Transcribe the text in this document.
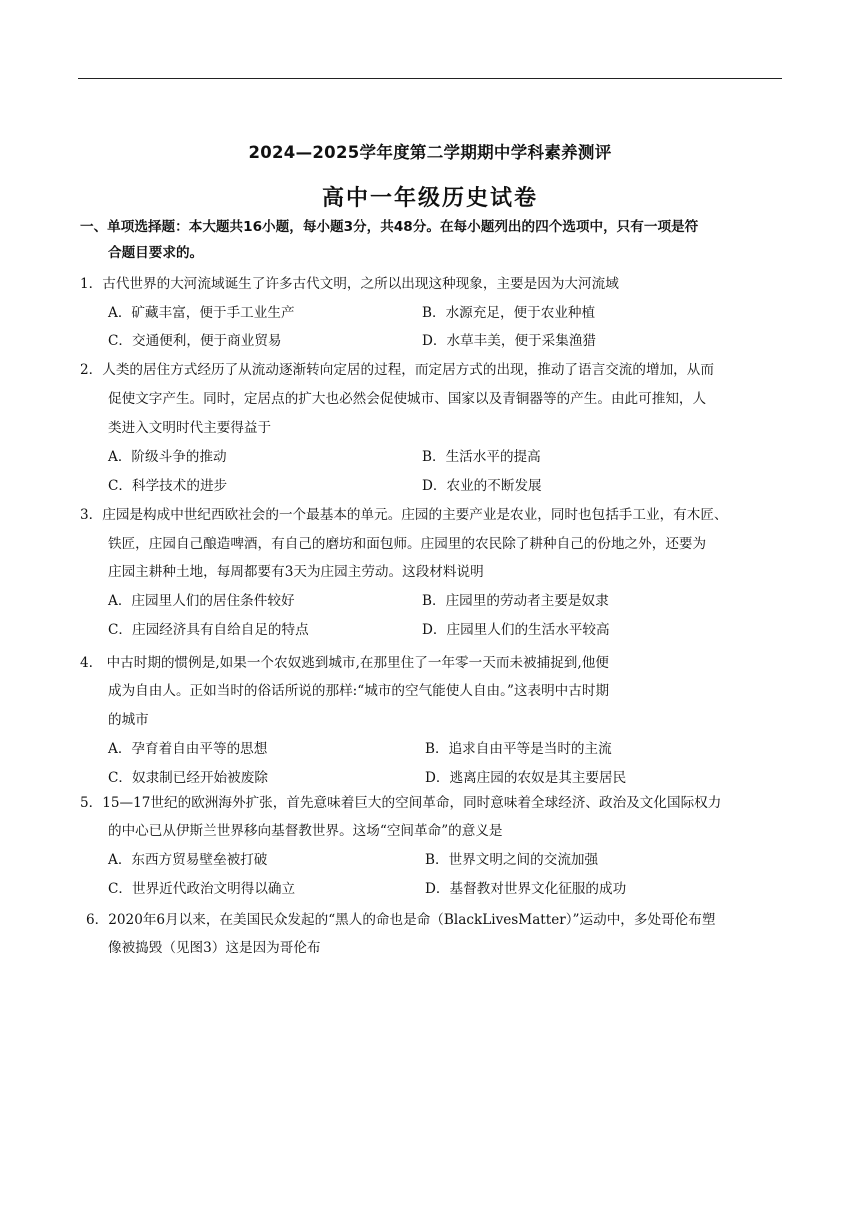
2024—2025学年度第二学期期中学科素养测评
高中一年级历史试卷
一、单项选择题：本大题共16小题，每小题3分，共48分。在每小题列出的四个选项中，只有一项是符
合题目要求的。
1．古代世界的大河流域诞生了许多古代文明，之所以出现这种现象，主要是因为大河流域
A．矿藏丰富，便于手工业生产	B．水源充足，便于农业种植
C．交通便利，便于商业贸易	D．水草丰美，便于采集渔猎
2．人类的居住方式经历了从流动逐渐转向定居的过程，而定居方式的出现，推动了语言交流的增加，从而
促使文字产生。同时，定居点的扩大也必然会促使城市、国家以及青铜器等的产生。由此可推知，人
类进入文明时代主要得益于
A．阶级斗争的推动	B．生活水平的提高
C．科学技术的进步	D．农业的不断发展
3．庄园是构成中世纪西欧社会的一个最基本的单元。庄园的主要产业是农业，同时也包括手工业，有木匠、
铁匠，庄园自己酿造啤酒，有自己的磨坊和面包师。庄园里的农民除了耕种自己的份地之外，还要为
庄园主耕种土地，每周都要有3天为庄园主劳动。这段材料说明
A．庄园里人们的居住条件较好	B．庄园里的劳动者主要是奴隶
C．庄园经济具有自给自足的特点	D．庄园里人们的生活水平较高
4.　中古时期的惯例是,如果一个农奴逃到城市,在那里住了一年零一天而未被捕捉到,他便
成为自由人。正如当时的俗话所说的那样:“城市的空气能使人自由。”这表明中古时期
的城市
A．孕育着自由平等的思想	B．追求自由平等是当时的主流
C．奴隶制已经开始被废除	D．逃离庄园的农奴是其主要居民
5．15—17世纪的欧洲海外扩张，首先意味着巨大的空间革命，同时意味着全球经济、政治及文化国际权力
的中心已从伊斯兰世界移向基督教世界。这场“空间革命”的意义是
A．东西方贸易壁垒被打破	B．世界文明之间的交流加强
C．世界近代政治文明得以确立	D．基督教对世界文化征服的成功
6．2020年6月以来，在美国民众发起的“黑人的命也是命（BlackLivesMatter）”运动中，多处哥伦布塑
像被捣毁（见图3）这是因为哥伦布
